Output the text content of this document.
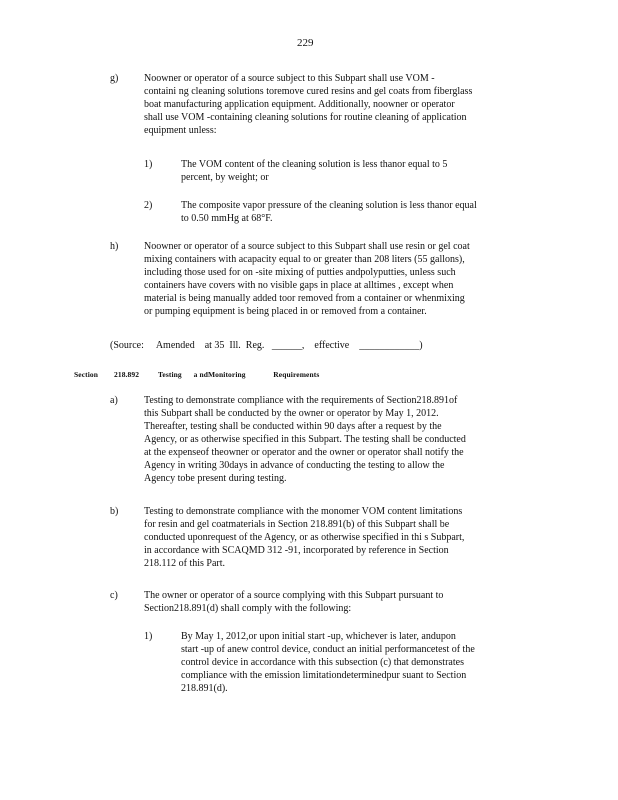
229
g)	Noowner or operator of a source subject to this Subpart shall use VOM -
containi ng cleaning solutions toremove cured resins and gel coats from fiberglass
boat manufacturing application equipment. Additionally, noowner or operator
shall use VOM -containing cleaning solutions for routine cleaning of application
equipment unless:
1)	The VOM content of the cleaning solution is less thanor equal to 5
percent, by weight; or
2)	The composite vapor pressure of the cleaning solution is less thanor equal
to 0.50 mmHg at 68°F.
h)	Noowner or operator of a source subject to this Subpart shall use resin or gel coat
mixing containers with acapacity equal to or greater than 208 liters (55 gallons),
including those used for on -site mixing of putties andpolyputties, unless such
containers have covers with no visible gaps in place at alltimes , except when
material is being manually added toor removed from a container or whenmixing
or pumping equipment is being placed in or removed from a container.
(Source:     Amended    at 35  Ill.  Reg.   ______,    effective    ____________)
Section 218.892	Testing      a ndMonitoring              Requirements
a)	Testing to demonstrate compliance with the requirements of Section218.891of
this Subpart shall be conducted by the owner or operator by May 1, 2012.
Thereafter, testing shall be conducted within 90 days after a request by the
Agency, or as otherwise specified in this Subpart. The testing shall be conducted
at the expenseof theowner or operator and the owner or operator shall notify the
Agency in writing 30days in advance of conducting the testing to allow the
Agency tobe present during testing.
b)	Testing to demonstrate compliance with the monomer VOM content limitations
for resin and gel coatmaterials in Section 218.891(b) of this Subpart shall be
conducted uponrequest of the Agency, or as otherwise specified in thi s Subpart,
in accordance with SCAQMD 312 -91, incorporated by reference in Section
218.112 of this Part.
c)	The owner or operator of a source complying with this Subpart pursuant to
Section218.891(d) shall comply with the following:
1)	By May 1, 2012,or upon initial start -up, whichever is later, andupon
start -up of anew control device, conduct an initial performancetest of the
control device in accordance with this subsection (c) that demonstrates
compliance with the emission limitationdeterminedpur suant to Section
218.891(d).
